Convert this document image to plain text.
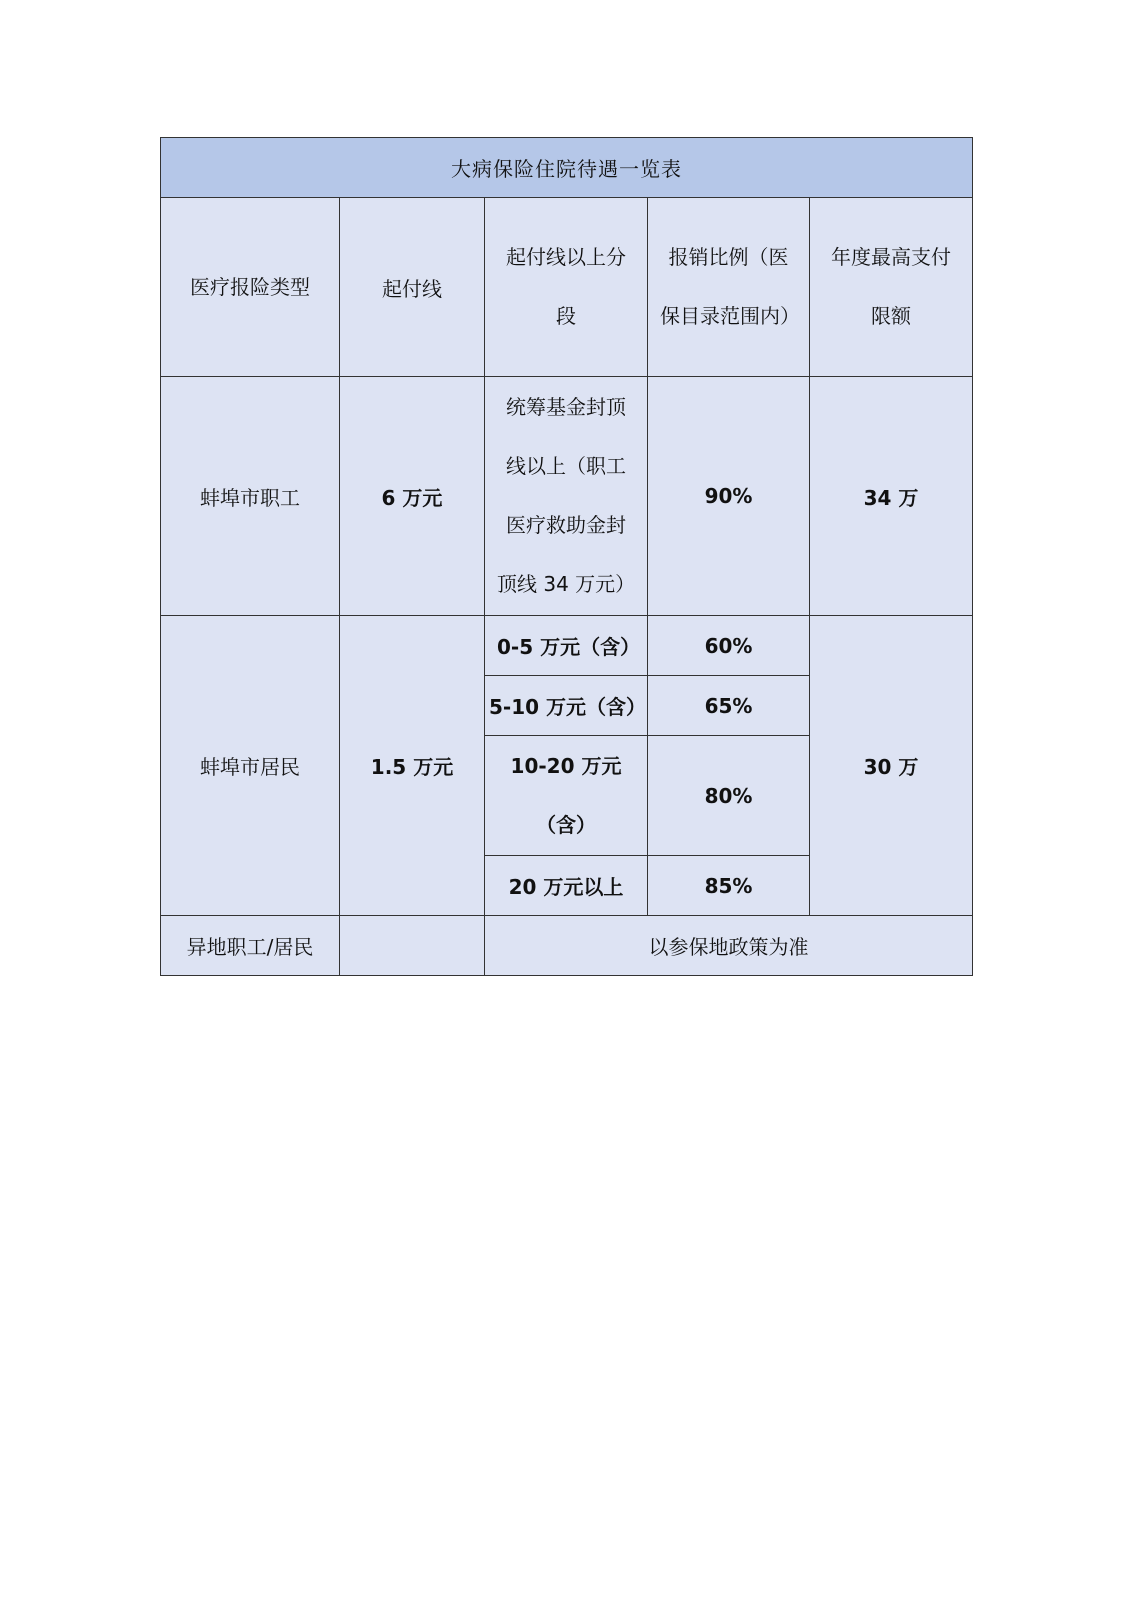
大病保险住院待遇一览表				
医疗报险类型	起付线	起付线以上分段	报销比例（医保目录范围内）	年度最高支付限额
蚌埠市职工	6 万元	统筹基金封顶线以上（职工医疗救助金封顶线 34 万元）	90%	34 万
蚌埠市居民	1.5 万元	0-5 万元（含）	60%	30 万
		5-10 万元（含）	65%	
		10-20 万元（含）	80%	
		20 万元以上	85%	
异地职工/居民		以参保地政策为准		
